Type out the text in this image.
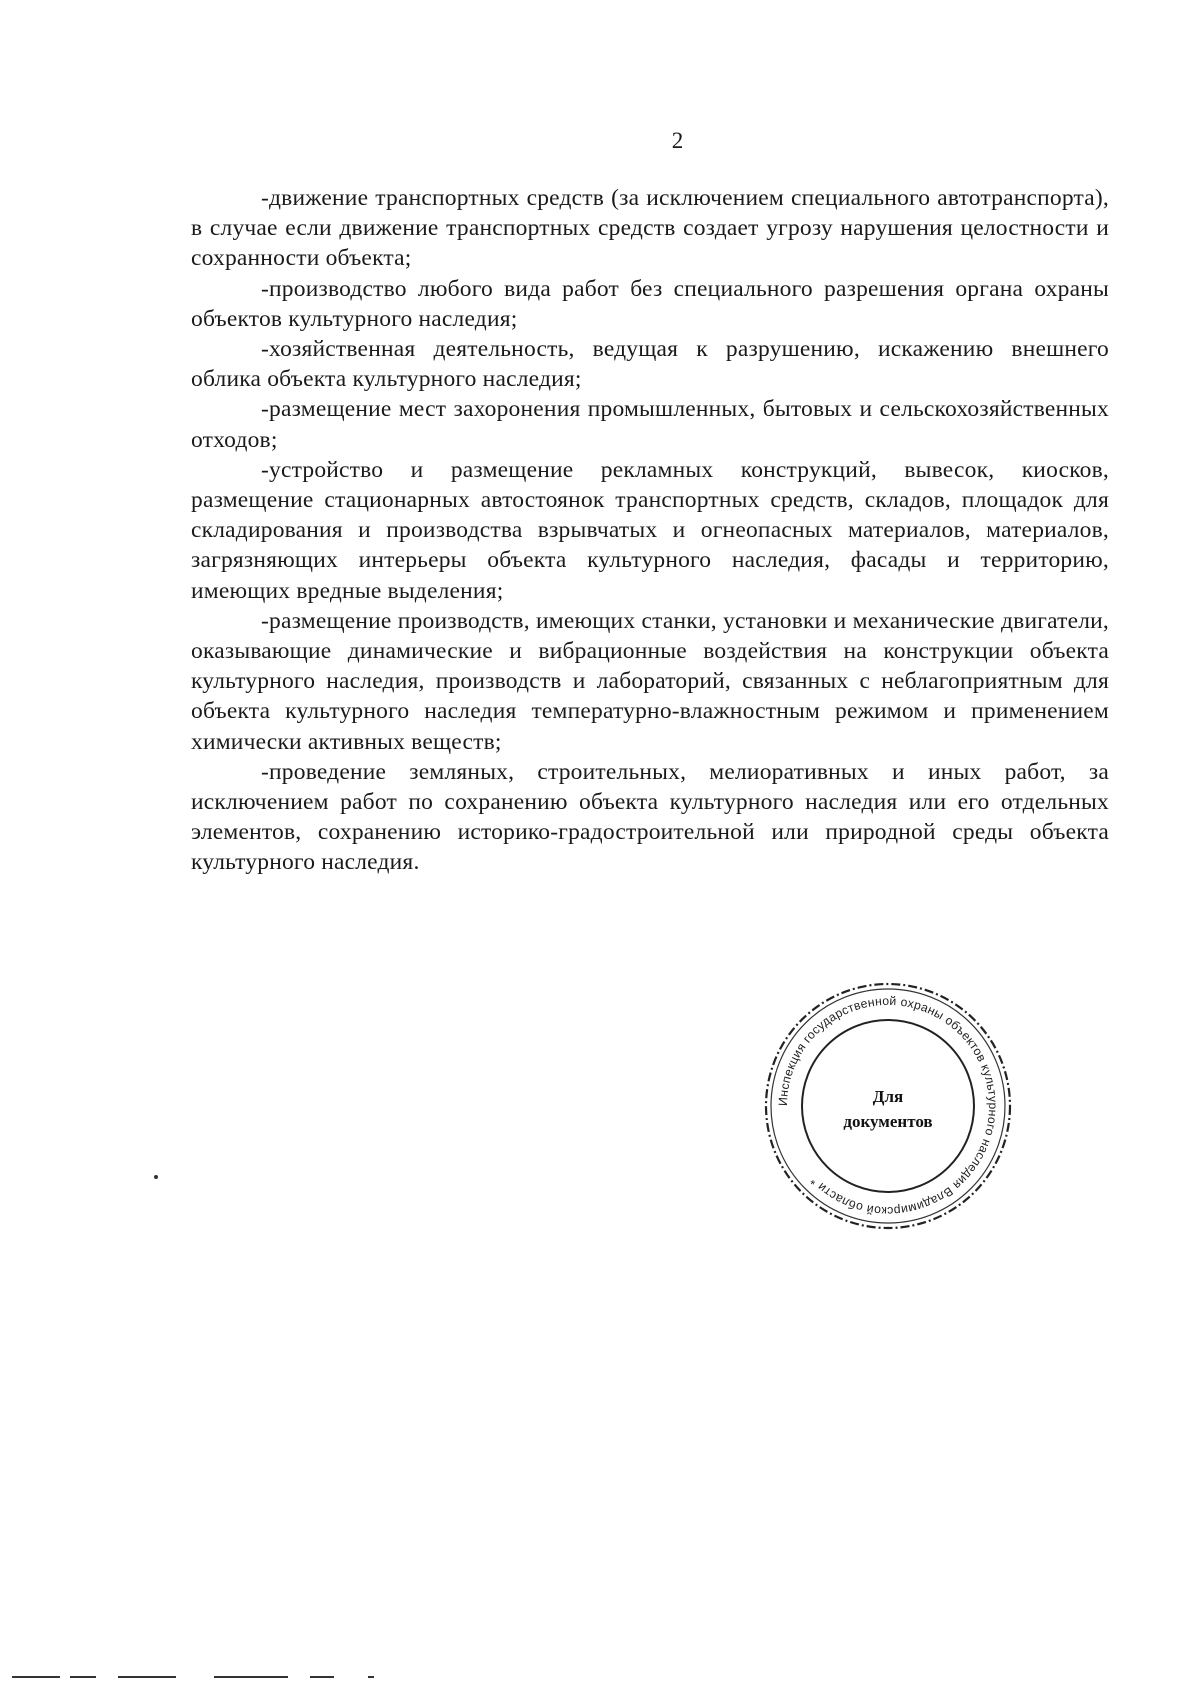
2

-движение транспортных средств (за исключением специального автотранспорта), в случае если движение транспортных средств создает угрозу нарушения целостности и сохранности объекта;

-производство любого вида работ без специального разрешения органа охраны объектов культурного наследия;

-хозяйственная деятельность, ведущая к разрушению, искажению внешнего облика объекта культурного наследия;

-размещение мест захоронения промышленных, бытовых и сельскохозяйственных отходов;

-устройство и размещение рекламных конструкций, вывесок, киосков, размещение стационарных автостоянок транспортных средств, складов, площадок для складирования и производства взрывчатых и огнеопасных материалов, материалов, загрязняющих интерьеры объекта культурного наследия, фасады и территорию, имеющих вредные выделения;

-размещение производств, имеющих станки, установки и механические двигатели, оказывающие динамические и вибрационные воздействия на конструкции объекта культурного наследия, производств и лабораторий, связанных с неблагоприятным для объекта культурного наследия температурно-влажностным режимом и применением химически активных веществ;

-проведение земляных, строительных, мелиоративных и иных работ, за исключением работ по сохранению объекта культурного наследия или его отдельных элементов, сохранению историко-градостроительной или природной среды объекта культурного наследия.

Инспекция государственной охраны объектов культурного наследия Владимирской области *
Для
документов
